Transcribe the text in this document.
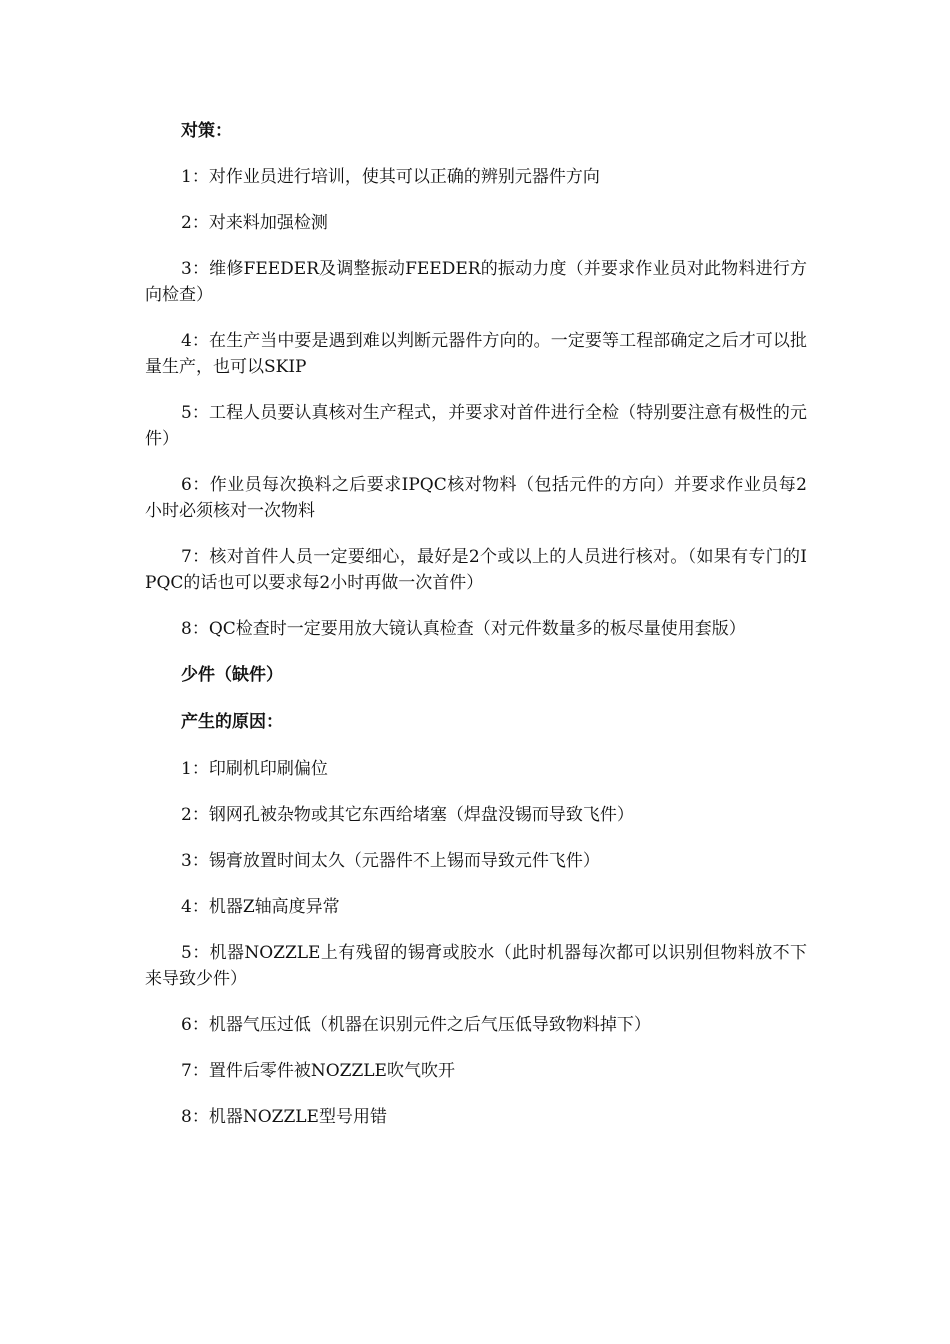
对策：

1：对作业员进行培训，使其可以正确的辨别元器件方向

2：对来料加强检测

3：维修FEEDER及调整振动FEEDER的振动力度（并要求作业员对此物料进行方向检查）

4：在生产当中要是遇到难以判断元器件方向的。一定要等工程部确定之后才可以批量生产，也可以SKIP

5：工程人员要认真核对生产程式，并要求对首件进行全检（特别要注意有极性的元件）

6：作业员每次换料之后要求IPQC核对物料（包括元件的方向）并要求作业员每2小时必须核对一次物料

7：核对首件人员一定要细心，最好是2个或以上的人员进行核对。（如果有专门的IPQC的话也可以要求每2小时再做一次首件）

8：QC检查时一定要用放大镜认真检查（对元件数量多的板尽量使用套版）

少件（缺件）

产生的原因：

1：印刷机印刷偏位

2：钢网孔被杂物或其它东西给堵塞（焊盘没锡而导致飞件）

3：锡膏放置时间太久（元器件不上锡而导致元件飞件）

4：机器Z轴高度异常

5：机器NOZZLE上有残留的锡膏或胶水（此时机器每次都可以识别但物料放不下来导致少件）

6：机器气压过低（机器在识别元件之后气压低导致物料掉下）

7：置件后零件被NOZZLE吹气吹开

8：机器NOZZLE型号用错
